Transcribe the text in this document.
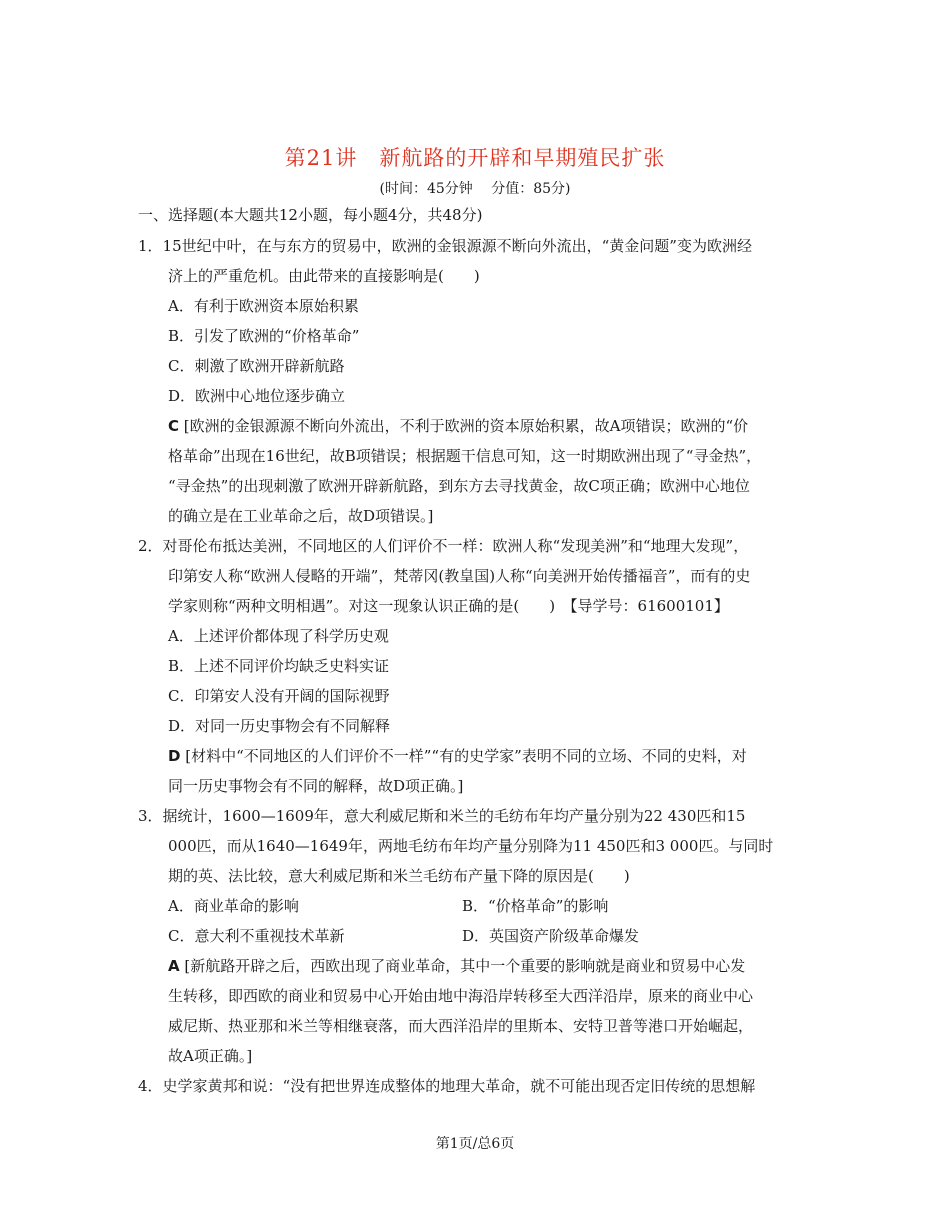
第21讲　新航路的开辟和早期殖民扩张
(时间：45分钟　 分值：85分)
一、选择题(本大题共12小题，每小题4分，共48分)
1．15世纪中叶，在与东方的贸易中，欧洲的金银源源不断向外流出，“黄金问题”变为欧洲经
济上的严重危机。由此带来的直接影响是(　　)
A．有利于欧洲资本原始积累
B．引发了欧洲的“价格革命”
C．刺激了欧洲开辟新航路
D．欧洲中心地位逐步确立
C [欧洲的金银源源不断向外流出，不利于欧洲的资本原始积累，故A项错误；欧洲的“价
格革命”出现在16世纪，故B项错误；根据题干信息可知，这一时期欧洲出现了“寻金热”，
“寻金热”的出现刺激了欧洲开辟新航路，到东方去寻找黄金，故C项正确；欧洲中心地位
的确立是在工业革命之后，故D项错误。]
2．对哥伦布抵达美洲，不同地区的人们评价不一样：欧洲人称“发现美洲”和“地理大发现”，
印第安人称“欧洲人侵略的开端”，梵蒂冈(教皇国)人称“向美洲开始传播福音”，而有的史
学家则称“两种文明相遇”。对这一现象认识正确的是(　　)　【导学号：61600101】
A．上述评价都体现了科学历史观
B．上述不同评价均缺乏史料实证
C．印第安人没有开阔的国际视野
D．对同一历史事物会有不同解释
D [材料中“不同地区的人们评价不一样”“有的史学家”表明不同的立场、不同的史料，对
同一历史事物会有不同的解释，故D项正确。]
3．据统计，1600—1609年，意大利威尼斯和米兰的毛纺布年均产量分别为22 430匹和15
000匹，而从1640—1649年，两地毛纺布年均产量分别降为11 450匹和3 000匹。与同时
期的英、法比较，意大利威尼斯和米兰毛纺布产量下降的原因是(　　)
A．商业革命的影响	B．“价格革命”的影响
C．意大利不重视技术革新	D．英国资产阶级革命爆发
A [新航路开辟之后，西欧出现了商业革命，其中一个重要的影响就是商业和贸易中心发
生转移，即西欧的商业和贸易中心开始由地中海沿岸转移至大西洋沿岸，原来的商业中心
威尼斯、热亚那和米兰等相继衰落，而大西洋沿岸的里斯本、安特卫普等港口开始崛起，
故A项正确。]
4．史学家黄邦和说：“没有把世界连成整体的地理大革命，就不可能出现否定旧传统的思想解
第1页/总6页
